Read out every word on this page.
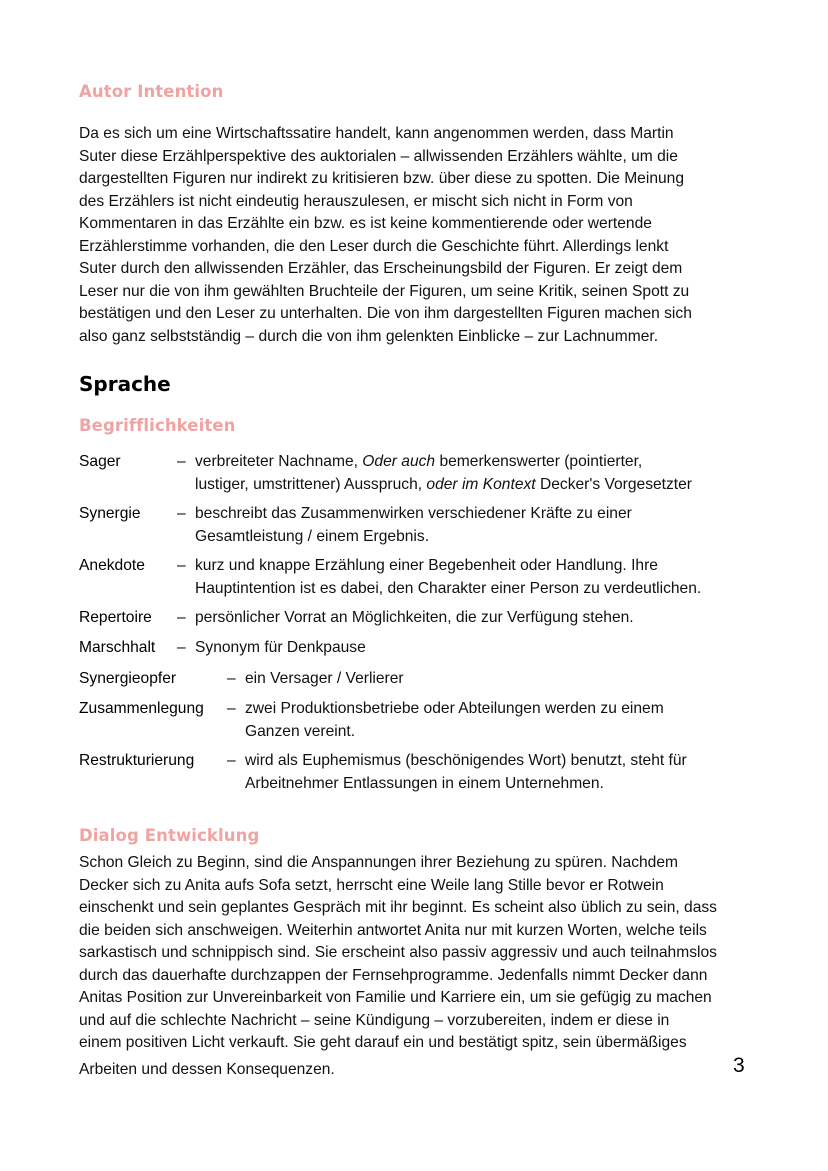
Autor Intention
Da es sich um eine Wirtschaftssatire handelt, kann angenommen werden, dass Martin
Suter diese Erzählperspektive des auktorialen – allwissenden Erzählers wählte, um die
dargestellten Figuren nur indirekt zu kritisieren bzw. über diese zu spotten. Die Meinung
des Erzählers ist nicht eindeutig herauszulesen, er mischt sich nicht in Form von
Kommentaren in das Erzählte ein bzw. es ist keine kommentierende oder wertende
Erzählerstimme vorhanden, die den Leser durch die Geschichte führt. Allerdings lenkt
Suter durch den allwissenden Erzähler, das Erscheinungsbild der Figuren. Er zeigt dem
Leser nur die von ihm gewählten Bruchteile der Figuren, um seine Kritik, seinen Spott zu
bestätigen und den Leser zu unterhalten. Die von ihm dargestellten Figuren machen sich
also ganz selbstständig – durch die von ihm gelenkten Einblicke – zur Lachnummer.
Sprache
Begrifflichkeiten
Sager	– verbreiteter Nachname, Oder auch bemerkenswerter (pointierter,
lustiger, umstrittener) Ausspruch, oder im Kontext Decker's Vorgesetzter
Synergie – beschreibt das Zusammenwirken verschiedener Kräfte zu einer
Gesamtleistung / einem Ergebnis.
Anekdote – kurz und knappe Erzählung einer Begebenheit oder Handlung. Ihre
Hauptintention ist es dabei, den Charakter einer Person zu verdeutlichen.
Repertoire – persönlicher Vorrat an Möglichkeiten, die zur Verfügung stehen.
Marschhalt – Synonym für Denkpause
Synergieopfer	– ein Versager / Verlierer
Zusammenlegung – zwei Produktionsbetriebe oder Abteilungen werden zu einem
Ganzen vereint.
Restrukturierung – wird als Euphemismus (beschönigendes Wort) benutzt, steht für
Arbeitnehmer Entlassungen in einem Unternehmen.
Dialog Entwicklung
Schon Gleich zu Beginn, sind die Anspannungen ihrer Beziehung zu spüren. Nachdem
Decker sich zu Anita aufs Sofa setzt, herrscht eine Weile lang Stille bevor er Rotwein
einschenkt und sein geplantes Gespräch mit ihr beginnt. Es scheint also üblich zu sein, dass
die beiden sich anschweigen. Weiterhin antwortet Anita nur mit kurzen Worten, welche teils
sarkastisch und schnippisch sind. Sie erscheint also passiv aggressiv und auch teilnahmslos
durch das dauerhafte durchzappen der Fernsehprogramme. Jedenfalls nimmt Decker dann
Anitas Position zur Unvereinbarkeit von Familie und Karriere ein, um sie gefügig zu machen
und auf die schlechte Nachricht – seine Kündigung – vorzubereiten, indem er diese in
einem positiven Licht verkauft. Sie geht darauf ein und bestätigt spitz, sein übermäßiges
Arbeiten und dessen Konsequenzen.	3
